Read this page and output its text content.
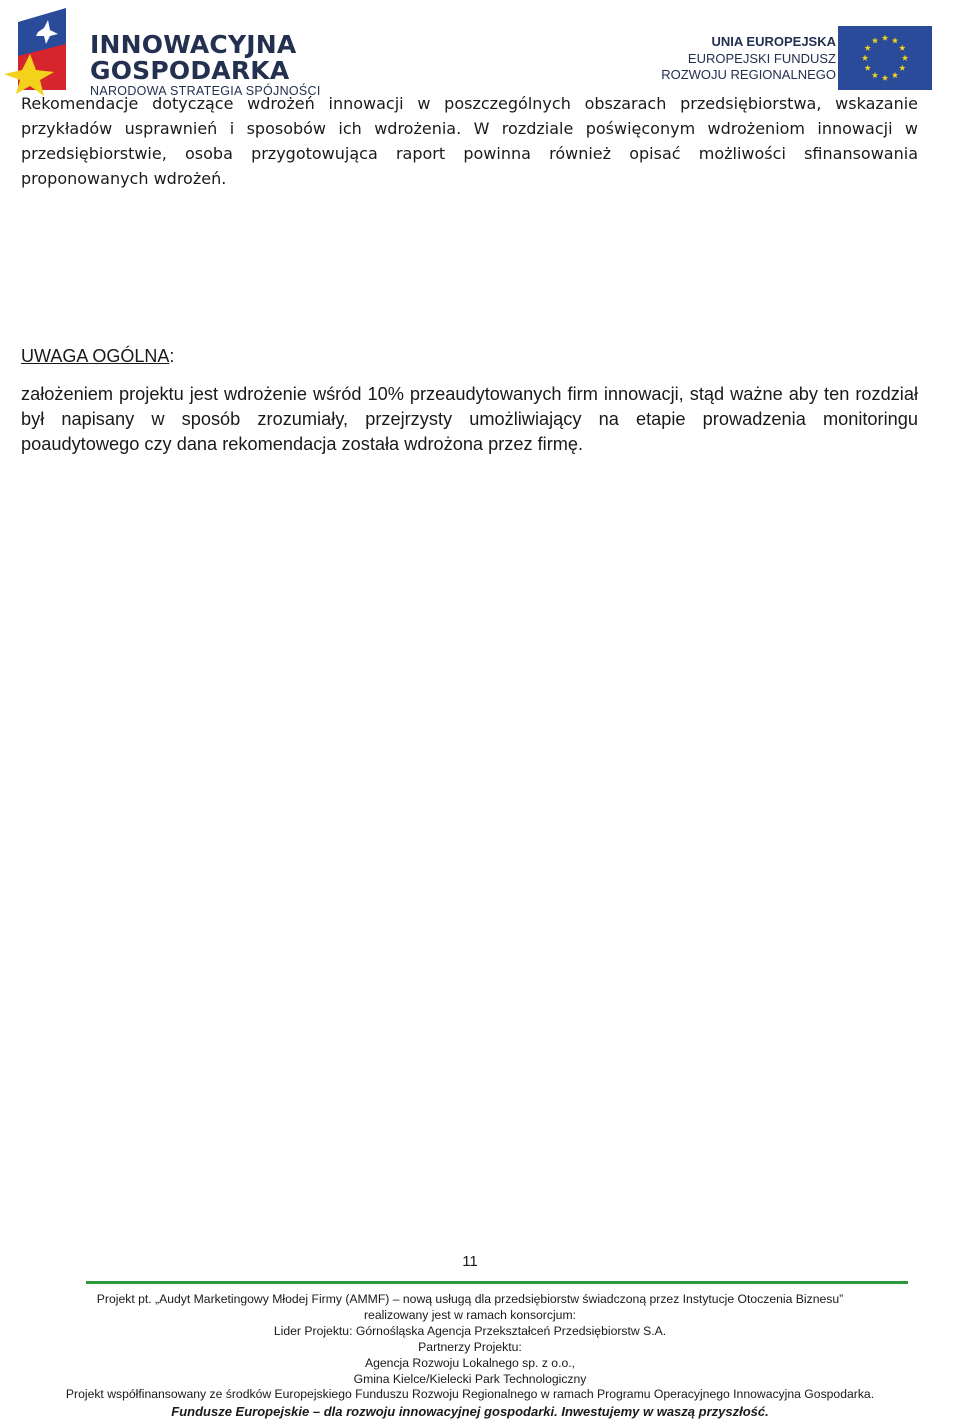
INNOWACYJNA
GOSPODARKA
NARODOWA STRATEGIA SPÓJNOŚCI
UNIA EUROPEJSKA
EUROPEJSKI FUNDUSZ
ROZWOJU REGIONALNEGO
Rekomendacje dotyczące wdrożeń innowacji w poszczególnych obszarach przedsiębiorstwa, wskazanie przykładów usprawnień i sposobów ich wdrożenia. W rozdziale poświęconym wdrożeniom innowacji w przedsiębiorstwie, osoba przygotowująca raport powinna również opisać możliwości sfinansowania proponowanych wdrożeń.
UWAGA OGÓLNA:
założeniem projektu jest wdrożenie wśród 10% przeaudytowanych firm innowacji, stąd ważne aby ten rozdział był napisany w sposób zrozumiały, przejrzysty umożliwiający na etapie prowadzenia monitoringu poaudytowego czy dana rekomendacja została wdrożona przez firmę.
11
Projekt pt. „Audyt Marketingowy Młodej Firmy (AMMF) – nową usługą dla przedsiębiorstw świadczoną przez Instytucje Otoczenia Biznesu”
realizowany jest w ramach konsorcjum:
Lider Projektu: Górnośląska Agencja Przekształceń Przedsiębiorstw S.A.
Partnerzy Projektu:
Agencja Rozwoju Lokalnego sp. z o.o.,
Gmina Kielce/Kielecki Park Technologiczny
Projekt współfinansowany ze środków Europejskiego Funduszu Rozwoju Regionalnego w ramach Programu Operacyjnego Innowacyjna Gospodarka.
Fundusze Europejskie – dla rozwoju innowacyjnej gospodarki. Inwestujemy w waszą przyszłość.
